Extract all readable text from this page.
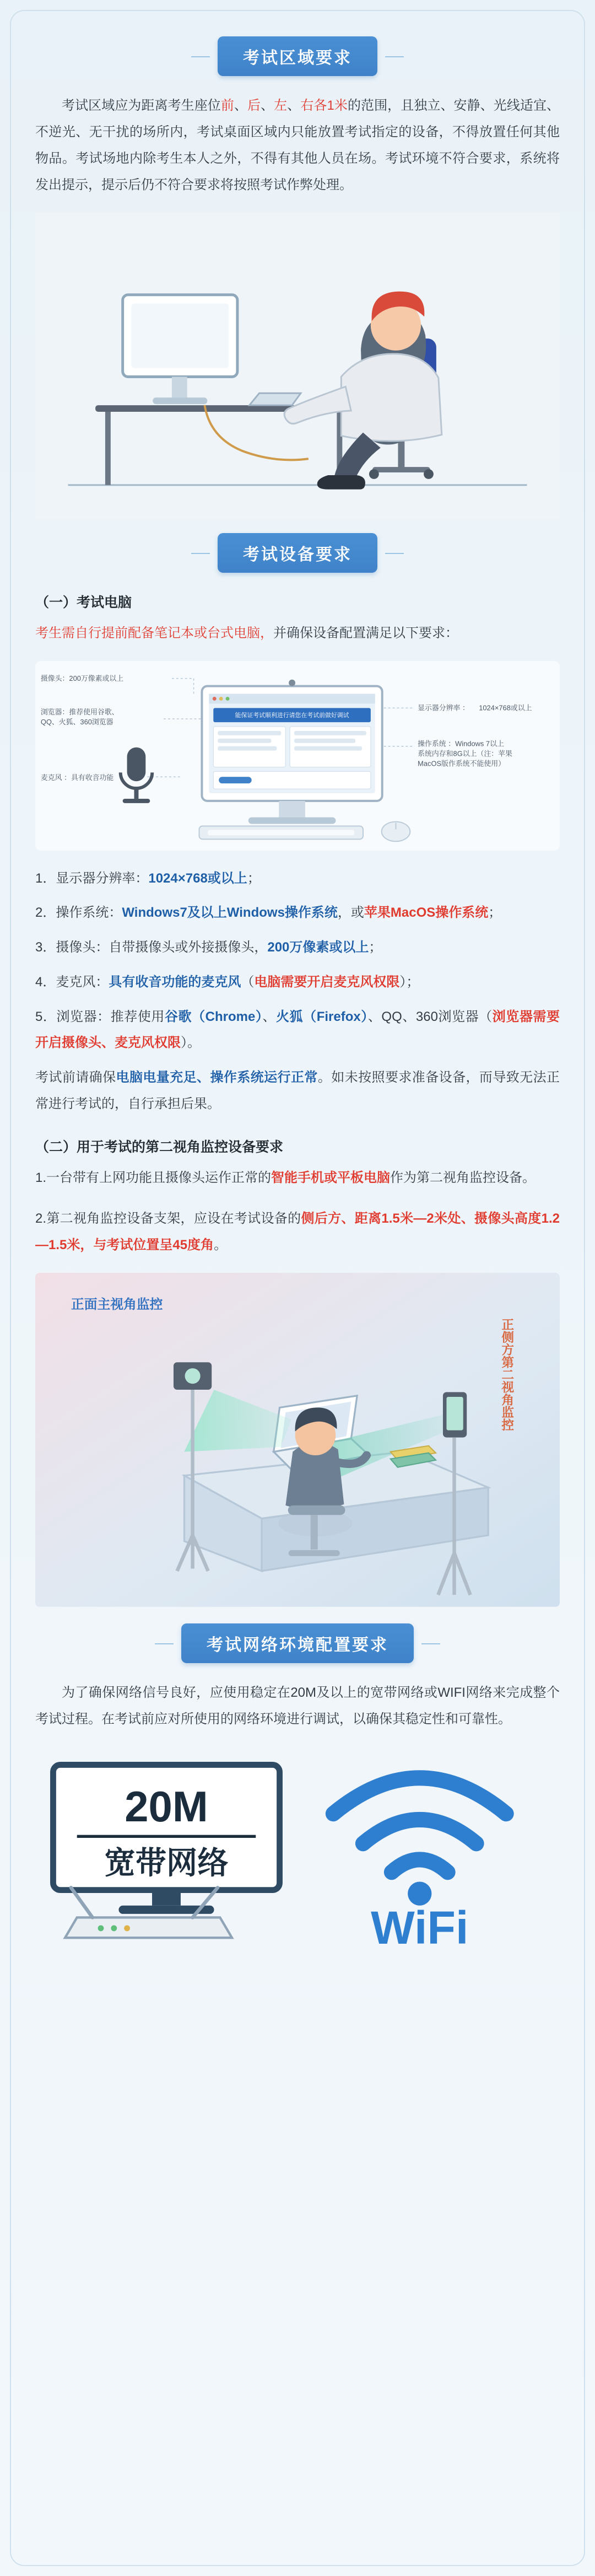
考试区域要求

考试区域应为距离考生座位前、后、左、右各1米的范围，且独立、安静、光线适宜、不逆光、无干扰的场所内，考试桌面区域内只能放置考试指定的设备，不得放置任何其他物品。考试场地内除考生本人之外，不得有其他人员在场。考试环境不符合要求，系统将发出提示，提示后仍不符合要求将按照考试作弊处理。

考试设备要求
（一）考试电脑

考生需自行提前配备笔记本或台式电脑，并确保设备配置满足以下要求：

摄像头：200万像素或以上
浏览器：推荐使用谷歌、
QQ、火狐、360浏览器
麦克风 ：具有收音功能
显示器分辨率 ： 1024×768或以上
操作系统 ：Windows 7以上
系统内存和8G以上（注：苹果
MacOS版作系统不能使用）
能保证考试顺利进行请您在考试前做好调试
1．显示器分辨率：1024×768或以上；
2．操作系统：Windows7及以上Windows操作系统，或苹果MacOS操作系统；
3．摄像头：自带摄像头或外接摄像头，200万像素或以上；
4．麦克风：具有收音功能的麦克风（电脑需要开启麦克风权限）；
5．浏览器：推荐使用谷歌（Chrome）、火狐（Firefox）、QQ、360浏览器（浏览器需要开启摄像头、麦克风权限）。

考试前请确保电脑电量充足、操作系统运行正常。如未按照要求准备设备，而导致无法正常进行考试的，自行承担后果。

（二）用于考试的第二视角监控设备要求

1.一台带有上网功能且摄像头运作正常的智能手机或平板电脑作为第二视角监控设备。

2.第二视角监控设备支架，应设在考试设备的侧后方、距离1.5米—2米处、摄像头高度1.2—1.5米，与考试位置呈45度角。

正面主视角监控
正侧方第二视角监控
考试网络环境配置要求

为了确保网络信号良好，应使用稳定在20M及以上的宽带网络或WIFI网络来完成整个考试过程。在考试前应对所使用的网络环境进行调试，以确保其稳定性和可靠性。

20M
宽带网络
WiFi
